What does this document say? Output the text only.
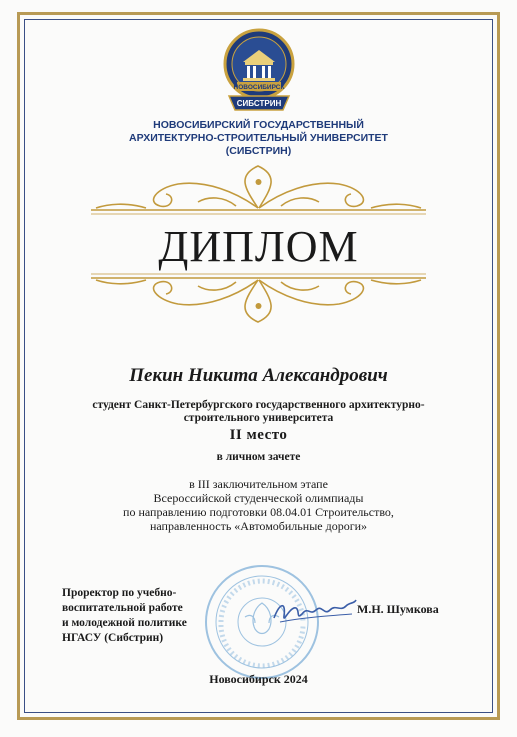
НОВОСИБИРСК
СИБСТРИН
НОВОСИБИРСКИЙ ГОСУДАРСТВЕННЫЙ
АРХИТЕКТУРНО-СТРОИТЕЛЬНЫЙ УНИВЕРСИТЕТ
(СИБСТРИН)
ДИПЛОМ
Пекин Никита Александрович
студент Санкт-Петербургского государственного архитектурно-
строительного университета
II место
в личном зачете
в III заключительном этапе
Всероссийской студенческой олимпиады
по направлению подготовки 08.04.01 Строительство,
направленность «Автомобильные дороги»
Проректор по учебно-
воспитательной работе
и молодежной политике
НГАСУ (Сибстрин)
М.Н. Шумкова
Новосибирск 2024
